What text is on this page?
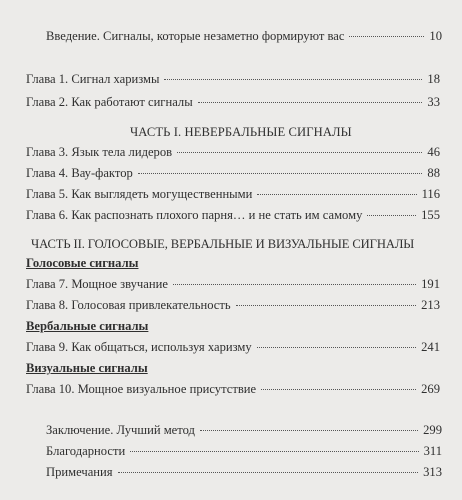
Введение. Сигналы, которые незаметно формируют вас	10
Глава 1. Сигнал харизмы	18
Глава 2. Как работают сигналы	33
ЧАСТЬ I. НЕВЕРБАЛЬНЫЕ СИГНАЛЫ
Глава 3. Язык тела лидеров	46
Глава 4. Вау-фактор	88
Глава 5. Как выглядеть могущественными	116
Глава 6. Как распознать плохого парня… и не стать им самому	155
ЧАСТЬ II. ГОЛОСОВЫЕ, ВЕРБАЛЬНЫЕ И ВИЗУАЛЬНЫЕ СИГНАЛЫ
Голосовые сигналы
Глава 7. Мощное звучание	191
Глава 8. Голосовая привлекательность	213
Вербальные сигналы
Глава 9. Как общаться, используя харизму	241
Визуальные сигналы
Глава 10. Мощное визуальное присутствие	269
Заключение. Лучший метод	299
Благодарности	311
Примечания	313
